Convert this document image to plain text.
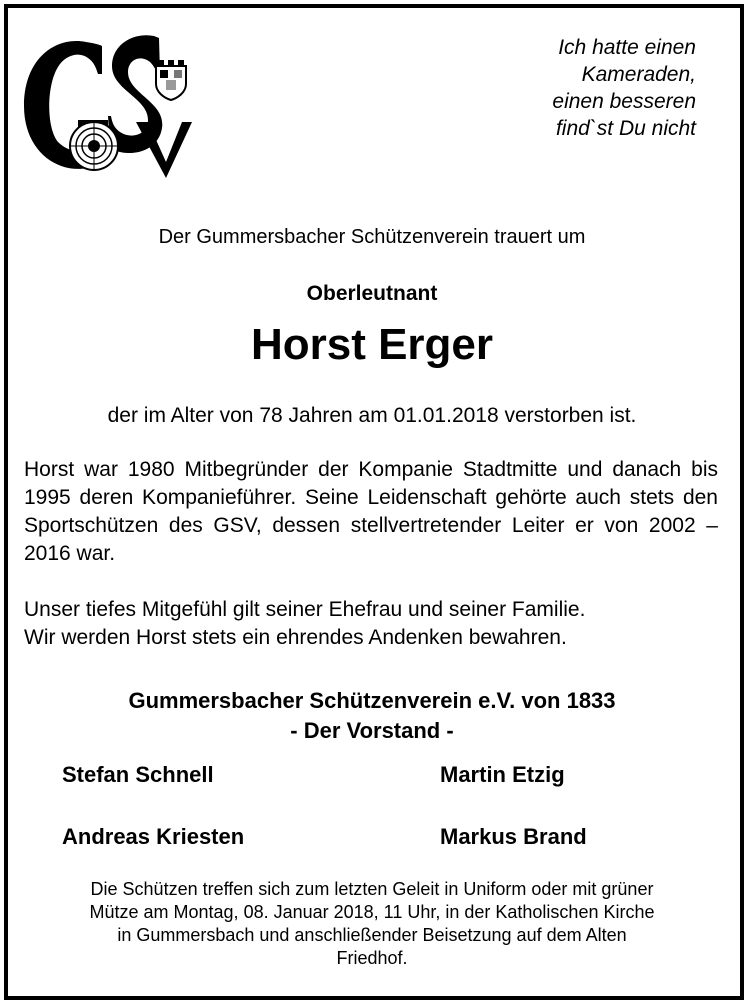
Ich hatte einen
Kameraden,
einen besseren
find`st Du nicht
Der Gummersbacher Schützenverein trauert um
Oberleutnant
Horst Erger
der im Alter von 78 Jahren am 01.01.2018 verstorben ist.
Horst war 1980 Mitbegründer der Kompanie Stadtmitte und danach bis 1995 deren Kompanieführer. Seine Leidenschaft gehörte auch stets den Sportschützen des GSV, dessen stellvertretender Leiter er von 2002 – 2016 war.
Unser tiefes Mitgefühl gilt seiner Ehefrau und seiner Familie.
Wir werden Horst stets ein ehrendes Andenken bewahren.
Gummersbacher Schützenverein e.V. von 1833
- Der Vorstand -
Stefan Schnell	Martin Etzig
Andreas Kriesten	Markus Brand
Die Schützen treffen sich zum letzten Geleit in Uniform oder mit grüner
Mütze am Montag, 08. Januar 2018, 11 Uhr, in der Katholischen Kirche
in Gummersbach und anschließender Beisetzung auf dem Alten
Friedhof.
